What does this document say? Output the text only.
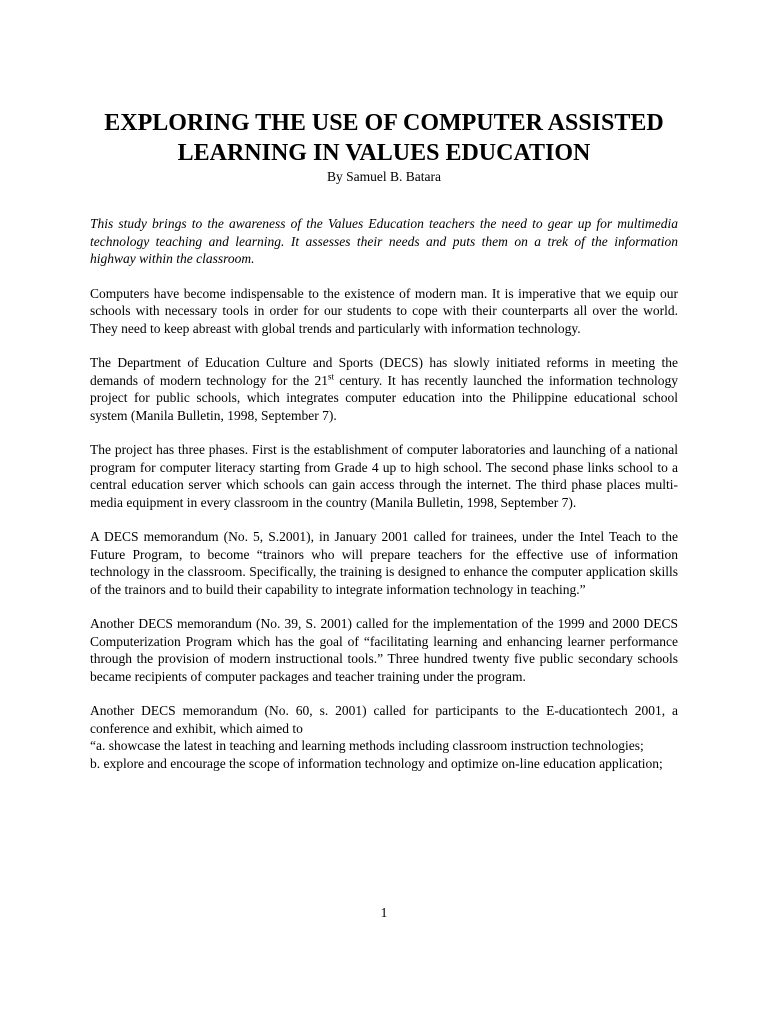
EXPLORING THE USE OF COMPUTER ASSISTED
LEARNING IN VALUES EDUCATION

By Samuel B. Batara

This study brings to the awareness of the Values Education teachers the need to gear up for multimedia technology teaching and learning. It assesses their needs and puts them on a trek of the information highway within the classroom.

Computers have become indispensable to the existence of modern man. It is imperative that we equip our schools with necessary tools in order for our students to cope with their counterparts all over the world. They need to keep abreast with global trends and particularly with information technology.

The Department of Education Culture and Sports (DECS) has slowly initiated reforms in meeting the demands of modern technology for the 21st century. It has recently launched the information technology project for public schools, which integrates computer education into the Philippine educational school system (Manila Bulletin, 1998, September 7).

The project has three phases. First is the establishment of computer laboratories and launching of a national program for computer literacy starting from Grade 4 up to high school. The second phase links school to a central education server which schools can gain access through the internet. The third phase places multi-media equipment in every classroom in the country (Manila Bulletin, 1998, September 7).

A DECS memorandum (No. 5, S.2001), in January 2001 called for trainees, under the Intel Teach to the Future Program, to become “trainors who will prepare teachers for the effective use of information technology in the classroom. Specifically, the training is designed to enhance the computer application skills of the trainors and to build their capability to integrate information technology in teaching.”

Another DECS memorandum (No. 39, S. 2001) called for the implementation of the 1999 and 2000 DECS Computerization Program which has the goal of “facilitating learning and enhancing learner performance through the provision of modern instructional tools.” Three hundred twenty five public secondary schools became recipients of computer packages and teacher training under the program.

Another DECS memorandum (No. 60, s. 2001) called for participants to the E-ducationtech 2001, a conference and exhibit, which aimed to

“a. showcase the latest in teaching and learning methods including classroom instruction technologies;

b. explore and encourage the scope of information technology and optimize on-line education application;

1
